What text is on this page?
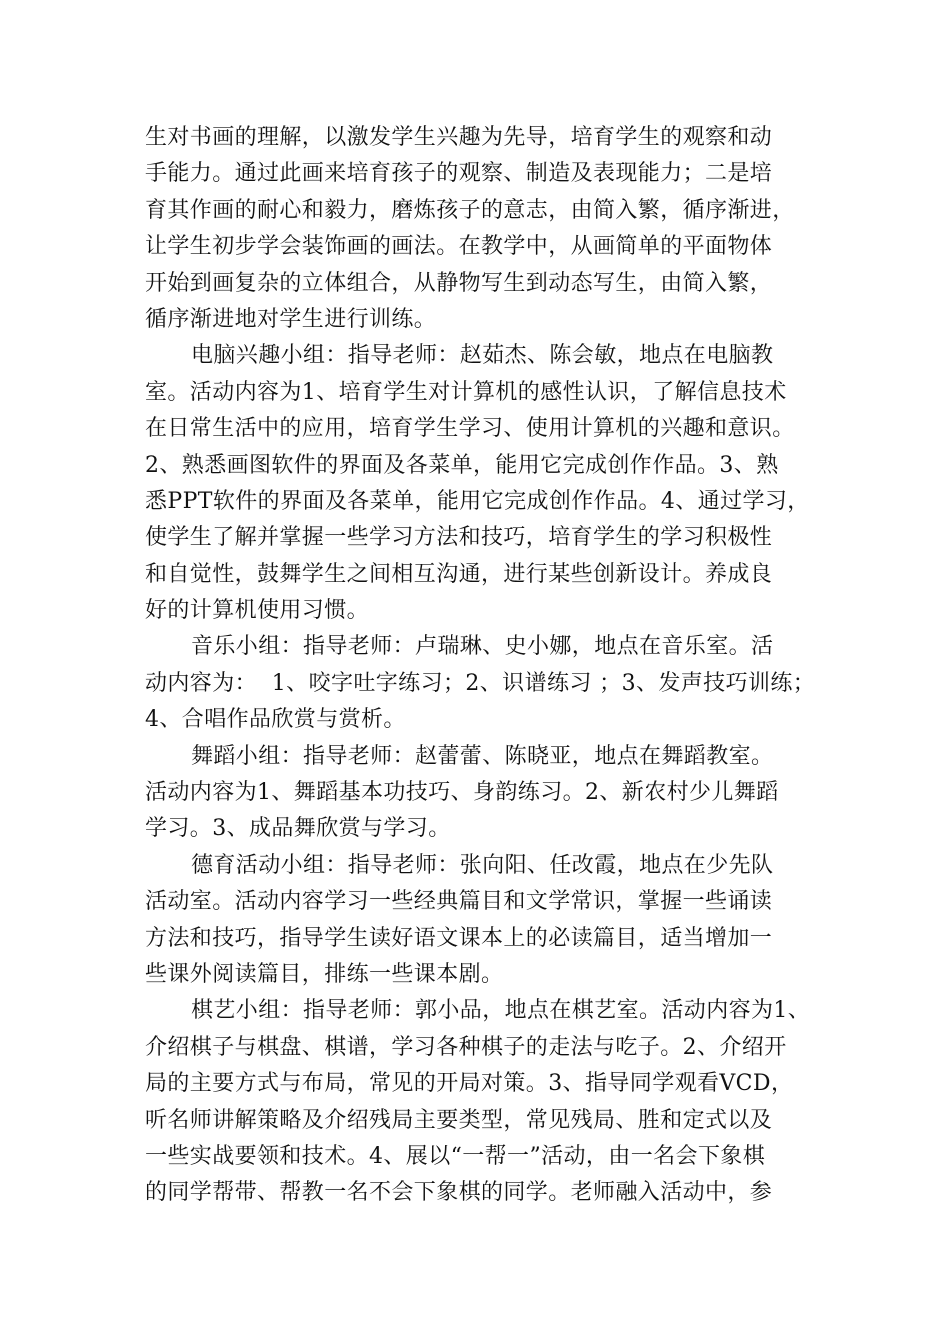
生对书画的理解，以激发学生兴趣为先导，培育学生的观察和动
手能力。通过此画来培育孩子的观察、制造及表现能力；二是培
育其作画的耐心和毅力，磨炼孩子的意志，由简入繁，循序渐进，
让学生初步学会装饰画的画法。在教学中，从画简单的平面物体
开始到画复杂的立体组合，从静物写生到动态写生，由简入繁，
循序渐进地对学生进行训练。
电脑兴趣小组：指导老师：赵茹杰、陈会敏，地点在电脑教
室。活动内容为1、培育学生对计算机的感性认识，了解信息技术
在日常生活中的应用，培育学生学习、使用计算机的兴趣和意识。
2、熟悉画图软件的界面及各菜单，能用它完成创作作品。3、熟
悉PPT软件的界面及各菜单，能用它完成创作作品。4、通过学习，
使学生了解并掌握一些学习方法和技巧，培育学生的学习积极性
和自觉性，鼓舞学生之间相互沟通，进行某些创新设计。养成良
好的计算机使用习惯。
音乐小组：指导老师：卢瑞琳、史小娜，地点在音乐室。活
动内容为：  1、咬字吐字练习；2、识谱练习 ；3、发声技巧训练；
4、合唱作品欣赏与赏析。
舞蹈小组：指导老师：赵蕾蕾、陈晓亚，地点在舞蹈教室。
活动内容为1、舞蹈基本功技巧、身韵练习。2、新农村少儿舞蹈
学习。3、成品舞欣赏与学习。
德育活动小组：指导老师：张向阳、任改霞，地点在少先队
活动室。活动内容学习一些经典篇目和文学常识，掌握一些诵读
方法和技巧，指导学生读好语文课本上的必读篇目，适当增加一
些课外阅读篇目，排练一些课本剧。
棋艺小组：指导老师：郭小品，地点在棋艺室。活动内容为1、
介绍棋子与棋盘、棋谱，学习各种棋子的走法与吃子。2、介绍开
局的主要方式与布局，常见的开局对策。3、指导同学观看VCD，
听名师讲解策略及介绍残局主要类型，常见残局、胜和定式以及
一些实战要领和技术。4、展以“一帮一”活动，由一名会下象棋
的同学帮带、帮教一名不会下象棋的同学。老师融入活动中，参
